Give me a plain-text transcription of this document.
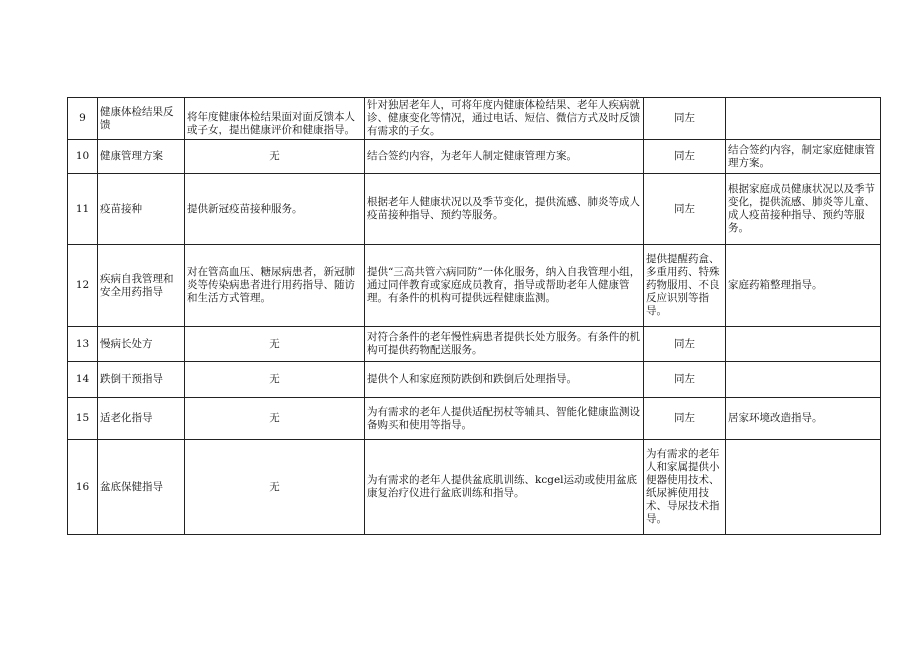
9	健康体检结果反馈	将年度健康体检结果面对面反馈本人或子女，提出健康评价和健康指导。	针对独居老年人，可将年度内健康体检结果、老年人疾病就诊、健康变化等情况，通过电话、短信、微信方式及时反馈有需求的子女。	同左	
10	健康管理方案	无	结合签约内容，为老年人制定健康管理方案。	同左	结合签约内容，制定家庭健康管理方案。
11	疫苗接种	提供新冠疫苗接种服务。	根据老年人健康状况以及季节变化，提供流感、肺炎等成人疫苗接种指导、预约等服务。	同左	根据家庭成员健康状况以及季节变化，提供流感、肺炎等儿童、成人疫苗接种指导、预约等服务。
12	疾病自我管理和安全用药指导	对在管高血压、糖尿病患者，新冠肺炎等传染病患者进行用药指导、随访和生活方式管理。	提供“三高共管六病同防”一体化服务，纳入自我管理小组，通过同伴教育或家庭成员教育，指导或帮助老年人健康管理。有条件的机构可提供远程健康监测。	提供提醒药盒、多重用药、特殊药物服用、不良反应识别等指导。	家庭药箱整理指导。
13	慢病长处方	无	对符合条件的老年慢性病患者提供长处方服务。有条件的机构可提供药物配送服务。	同左	
14	跌倒干预指导	无	提供个人和家庭预防跌倒和跌倒后处理指导。	同左	
15	适老化指导	无	为有需求的老年人提供适配拐杖等辅具、智能化健康监测设备购买和使用等指导。	同左	居家环境改造指导。
16	盆底保健指导	无	为有需求的老年人提供盆底肌训练、kcgel运动或使用盆底康复治疗仪进行盆底训练和指导。	为有需求的老年人和家属提供小便器使用技术、纸尿裤使用技术、导尿技术指导。	
